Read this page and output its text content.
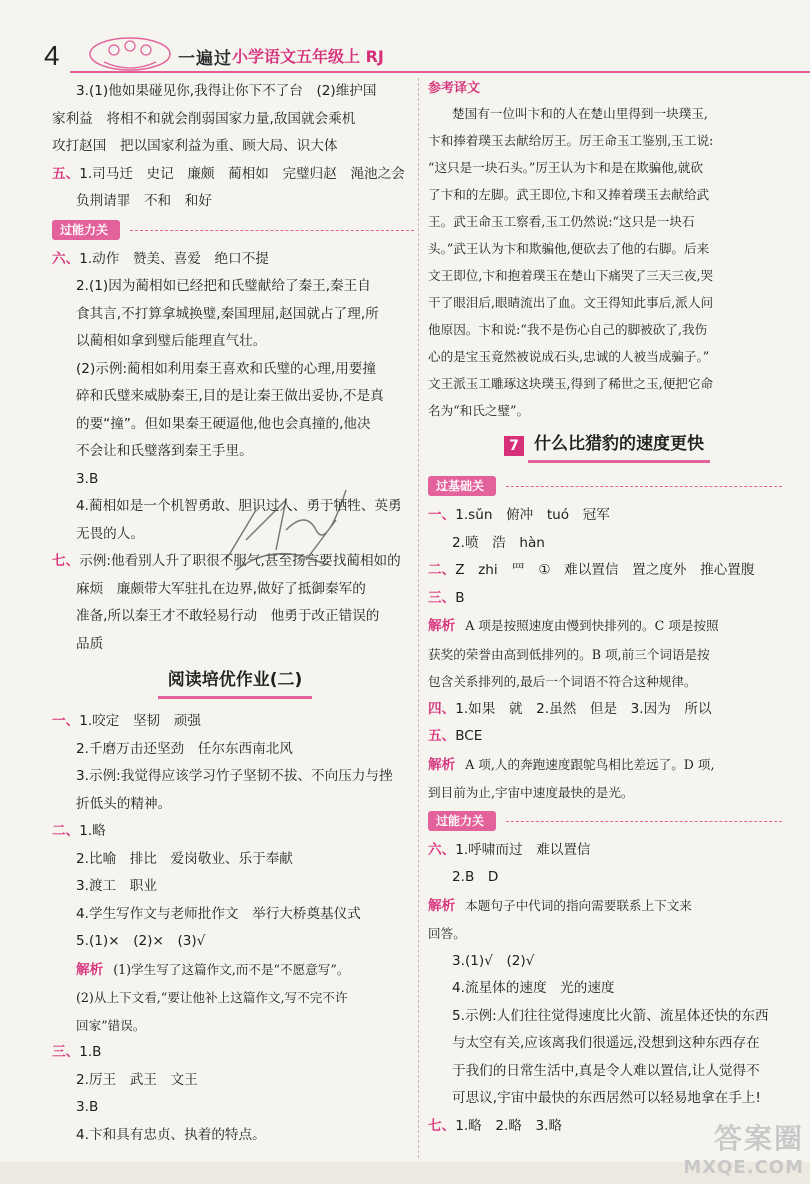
4	一遍过 小学语文五年级上 RJ
3.(1)他如果碰见你,我得让你下不了台　(2)维护国
家利益　将相不和就会削弱国家力量,敌国就会乘机
攻打赵国　把以国家利益为重、顾大局、识大体
五、1.司马迁　史记　廉颇　蔺相如　完璧归赵　渑池之会
负荆请罪　不和　和好
过能力关
六、1.动作　赞美、喜爱　绝口不提
2.(1)因为蔺相如已经把和氏璧献给了秦王,秦王自
食其言,不打算拿城换璧,秦国理屈,赵国就占了理,所
以蔺相如拿到璧后能理直气壮。
(2)示例:蔺相如利用秦王喜欢和氏璧的心理,用要撞
碎和氏璧来威胁秦王,目的是让秦王做出妥协,不是真
的要“撞”。但如果秦王硬逼他,他也会真撞的,他决
不会让和氏璧落到秦王手里。
3.B
4.蔺相如是一个机智勇敢、胆识过人、勇于牺牲、英勇
无畏的人。
七、示例:他看别人升了职很不服气,甚至扬言要找蔺相如的
麻烦　廉颇带大军驻扎在边界,做好了抵御秦军的
准备,所以秦王才不敢轻易行动　他勇于改正错误的
品质
阅读培优作业(二)
一、1.咬定　坚韧　顽强
2.千磨万击还坚劲　任尔东西南北风
3.示例:我觉得应该学习竹子坚韧不拔、不向压力与挫
折低头的精神。
二、1.略
2.比喻　排比　爱岗敬业、乐于奉献
3.渡工　职业
4.学生写作文与老师批作文　举行大桥奠基仪式
5.(1)×　(2)×　(3)√
解析 (1)学生写了这篇作文,而不是“不愿意写”。
(2)从上下文看,“要让他补上这篇作文,写不完不许
回家”错误。
三、1.B
2.厉王　武王　文王
3.B
4.卞和具有忠贞、执着的特点。
参考译文
楚国有一位叫卞和的人在楚山里得到一块璞玉,
卞和捧着璞玉去献给厉王。厉王命玉工鉴别,玉工说:
“这只是一块石头。”厉王认为卞和是在欺骗他,就砍
了卞和的左脚。武王即位,卞和又捧着璞玉去献给武
王。武王命玉工察看,玉工仍然说:“这只是一块石
头。”武王认为卞和欺骗他,便砍去了他的右脚。后来
文王即位,卞和抱着璞玉在楚山下痛哭了三天三夜,哭
干了眼泪后,眼睛流出了血。文王得知此事后,派人问
他原因。卞和说:“我不是伤心自己的脚被砍了,我伤
心的是宝玉竟然被说成石头,忠诚的人被当成骗子。”
文王派玉工雕琢这块璞玉,得到了稀世之玉,便把它命
名为“和氏之璧”。
7 什么比猎豹的速度更快
过基础关
一、1.sǔn　俯冲　tuó　冠军
2.喷　浩　hàn
二、Z　zhi　罒　①　难以置信　置之度外　推心置腹
三、B
解析 A 项是按照速度由慢到快排列的。C 项是按照
获奖的荣誉由高到低排列的。B 项,前三个词语是按
包含关系排列的,最后一个词语不符合这种规律。
四、1.如果　就　2.虽然　但是　3.因为　所以
五、BCE
解析 A 项,人的奔跑速度跟鸵鸟相比差远了。D 项,
到目前为止,宇宙中速度最快的是光。
过能力关
六、1.呼啸而过　难以置信
2.B　D
解析 本题句子中代词的指向需要联系上下文来
回答。
3.(1)√　(2)√
4.流星体的速度　光的速度
5.示例:人们往往觉得速度比火箭、流星体还快的东西
与太空有关,应该离我们很遥远,没想到这种东西存在
于我们的日常生活中,真是令人难以置信,让人觉得不
可思议,宇宙中最快的东西居然可以轻易地拿在手上!
七、1.略　2.略　3.略	答案圈
MXQE.COM
